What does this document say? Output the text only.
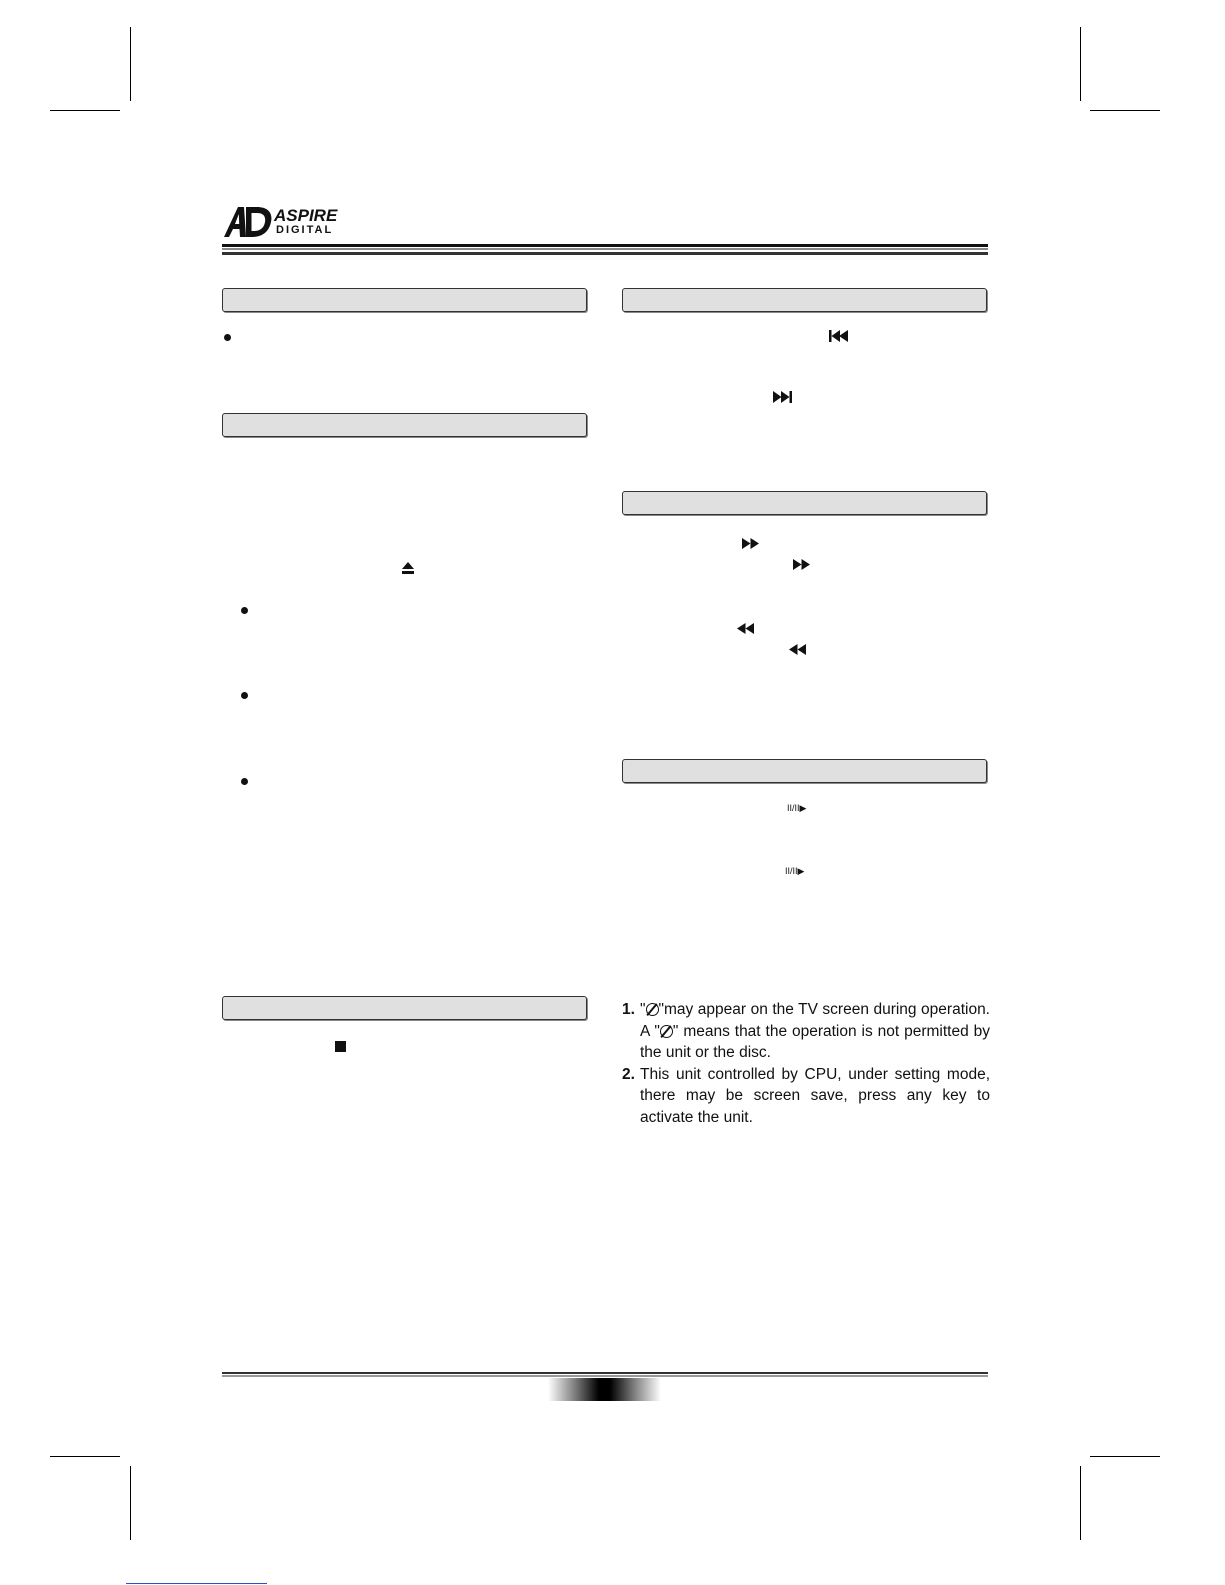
ASPIRE
DIGITAL
II/II▶
II/II▶
1. " "may appear on the TV screen during operation. A " " means that the operation is not permitted by the unit or the disc.
2. This unit controlled by CPU, under setting mode, there may be screen save, press any key to activate the unit.
